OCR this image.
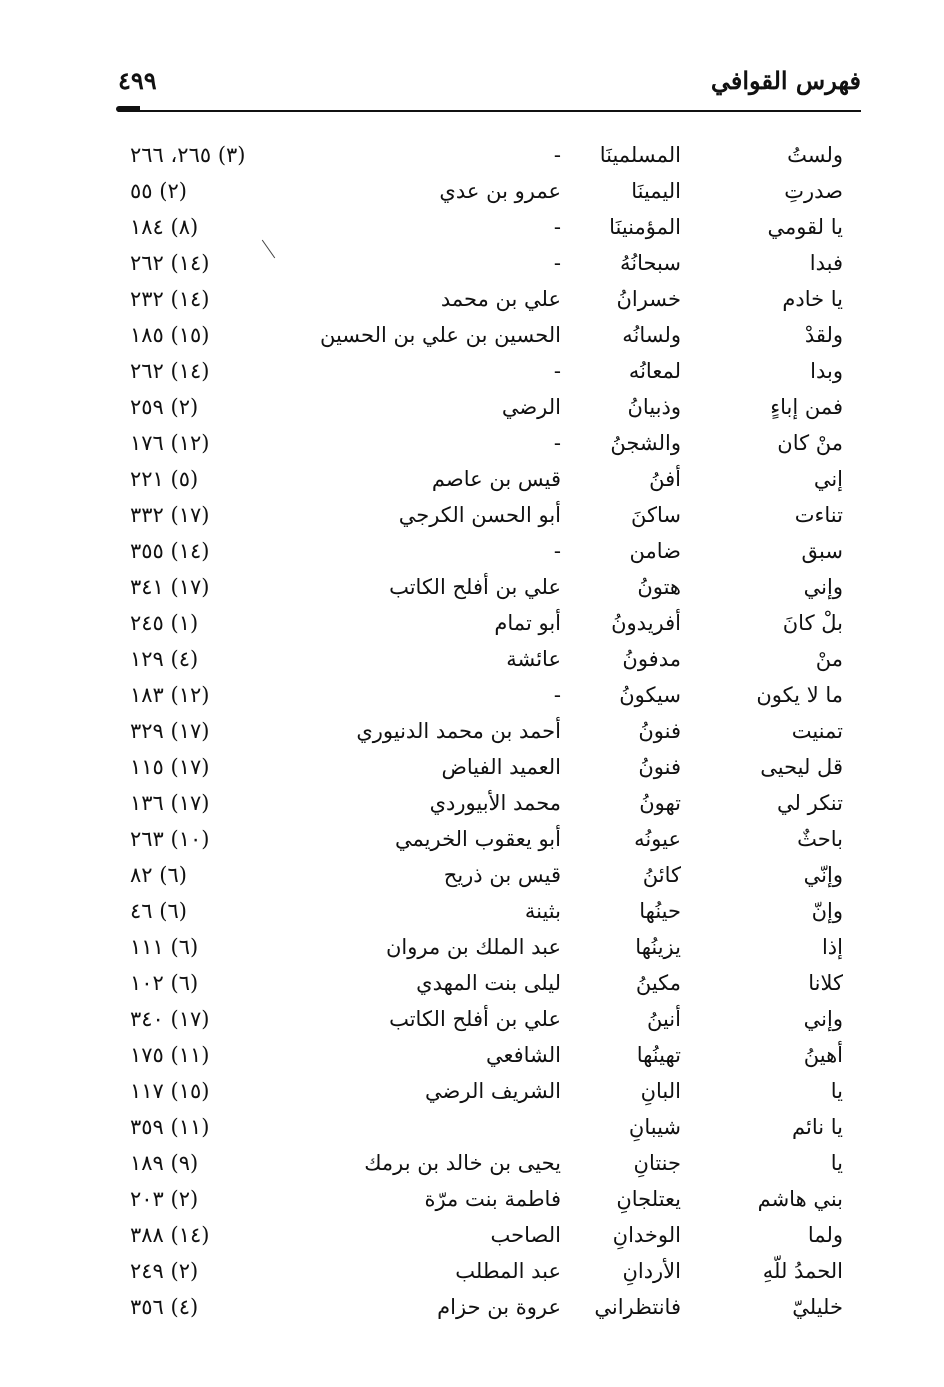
فهرس القوافي
٤٩٩
ولستُ
المسلمينَا
-
(٣) ٢٦٥، ٢٦٦
صدرتِ
اليمينَا
عمرو بن عدي
(٢) ٥٥
يا لقومي
المؤمنينَا
-
(٨) ١٨٤
فبدا
سبحانُهُ
-
(١٤) ٢٦٢
يا خادم
خسرانُ
علي بن محمد
(١٤) ٢٣٢
ولقدْ
ولسانُه
الحسين بن علي بن الحسين
(١٥) ١٨٥
وبدا
لمعانُه
-
(١٤) ٢٦٢
فمن إباءٍ
وذبيانُ
الرضي
(٢) ٢٥٩
منْ كان
والشجنُ
-
(١٢) ١٧٦
إني
أفنُ
قيس بن عاصم
(٥) ٢٢١
تناءت
ساكنَ
أبو الحسن الكرجي
(١٧) ٣٣٢
سبق
ضامن
-
(١٤) ٣٥٥
وإني
هتونُ
علي بن أفلح الكاتب
(١٧) ٣٤١
بلْ كانَ
أفريدونُ
أبو تمام
(١) ٢٤٥
منْ
مدفونُ
عائشة
(٤) ١٢٩
ما لا يكون
سيكونُ
-
(١٢) ١٨٣
تمنيت
فنونُ
أحمد بن محمد الدنيوري
(١٧) ٣٢٩
قل ليحيى
فنونُ
العميد الفياض
(١٧) ١١٥
تنكر لي
تهونُ
محمد الأبيوردي
(١٧) ١٣٦
باحثٌ
عيونُه
أبو يعقوب الخريمي
(١٠) ٢٦٣
وإنّي
كائنُ
قيس بن ذريح
(٦) ٨٢
وإنّ
حينُها
بثينة
(٦) ٤٦
إذا
يزينُها
عبد الملك بن مروان
(٦) ١١١
كلانا
مكينُ
ليلى بنت المهدي
(٦) ١٠٢
وإني
أنينُ
علي بن أفلح الكاتب
(١٧) ٣٤٠
أهينُ
تهينُها
الشافعي
(١١) ١٧٥
يا
البانِ
الشريف الرضي
(١٥) ١١٧
يا نائم
شيبانِ
(١١) ٣٥٩
يا
جنتانِ
يحيى بن خالد بن برمك
(٩) ١٨٩
بني هاشم
يعتلجانِ
فاطمة بنت مرّة
(٢) ٢٠٣
ولما
الوخدانِ
الصاحب
(١٤) ٣٨٨
الحمدُ للّهِ
الأردانِ
عبد المطلب
(٢) ٢٤٩
خليليّ
فانتظراني
عروة بن حزام
(٤) ٣٥٦
